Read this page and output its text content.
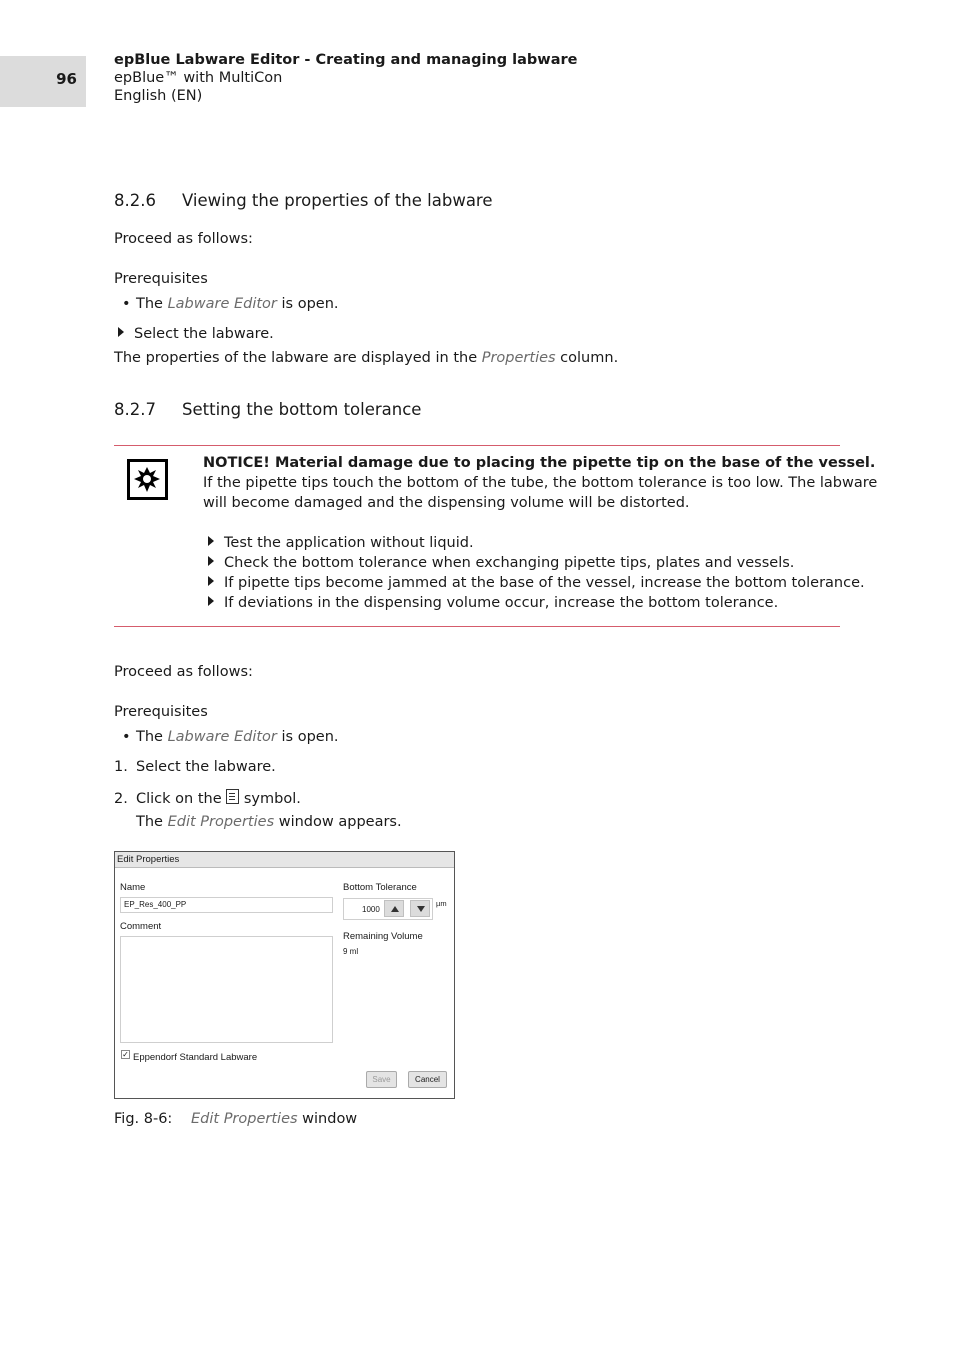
96
epBlue Labware Editor - Creating and managing labware
epBlue™ with MultiCon
English (EN)
8.2.6 Viewing the properties of the labware
Proceed as follows:
Prerequisites
• The Labware Editor is open.
Select the labware.
The properties of the labware are displayed in the Properties column.
8.2.7 Setting the bottom tolerance
NOTICE! Material damage due to placing the pipette tip on the base of the vessel.
If the pipette tips touch the bottom of the tube, the bottom tolerance is too low. The labware
will become damaged and the dispensing volume will be distorted.
Test the application without liquid.
Check the bottom tolerance when exchanging pipette tips, plates and vessels.
If pipette tips become jammed at the base of the vessel, increase the bottom tolerance.
If deviations in the dispensing volume occur, increase the bottom tolerance.
Proceed as follows:
Prerequisites
• The Labware Editor is open.
1. Select the labware.
2. Click on the  symbol.
The Edit Properties window appears.
Edit Properties
Name
EP_Res_400_PP
Comment
Bottom Tolerance
1000
µm
Remaining Volume
9 ml
✓ Eppendorf Standard Labware
Save	Cancel
Fig. 8-6: Edit Properties window
